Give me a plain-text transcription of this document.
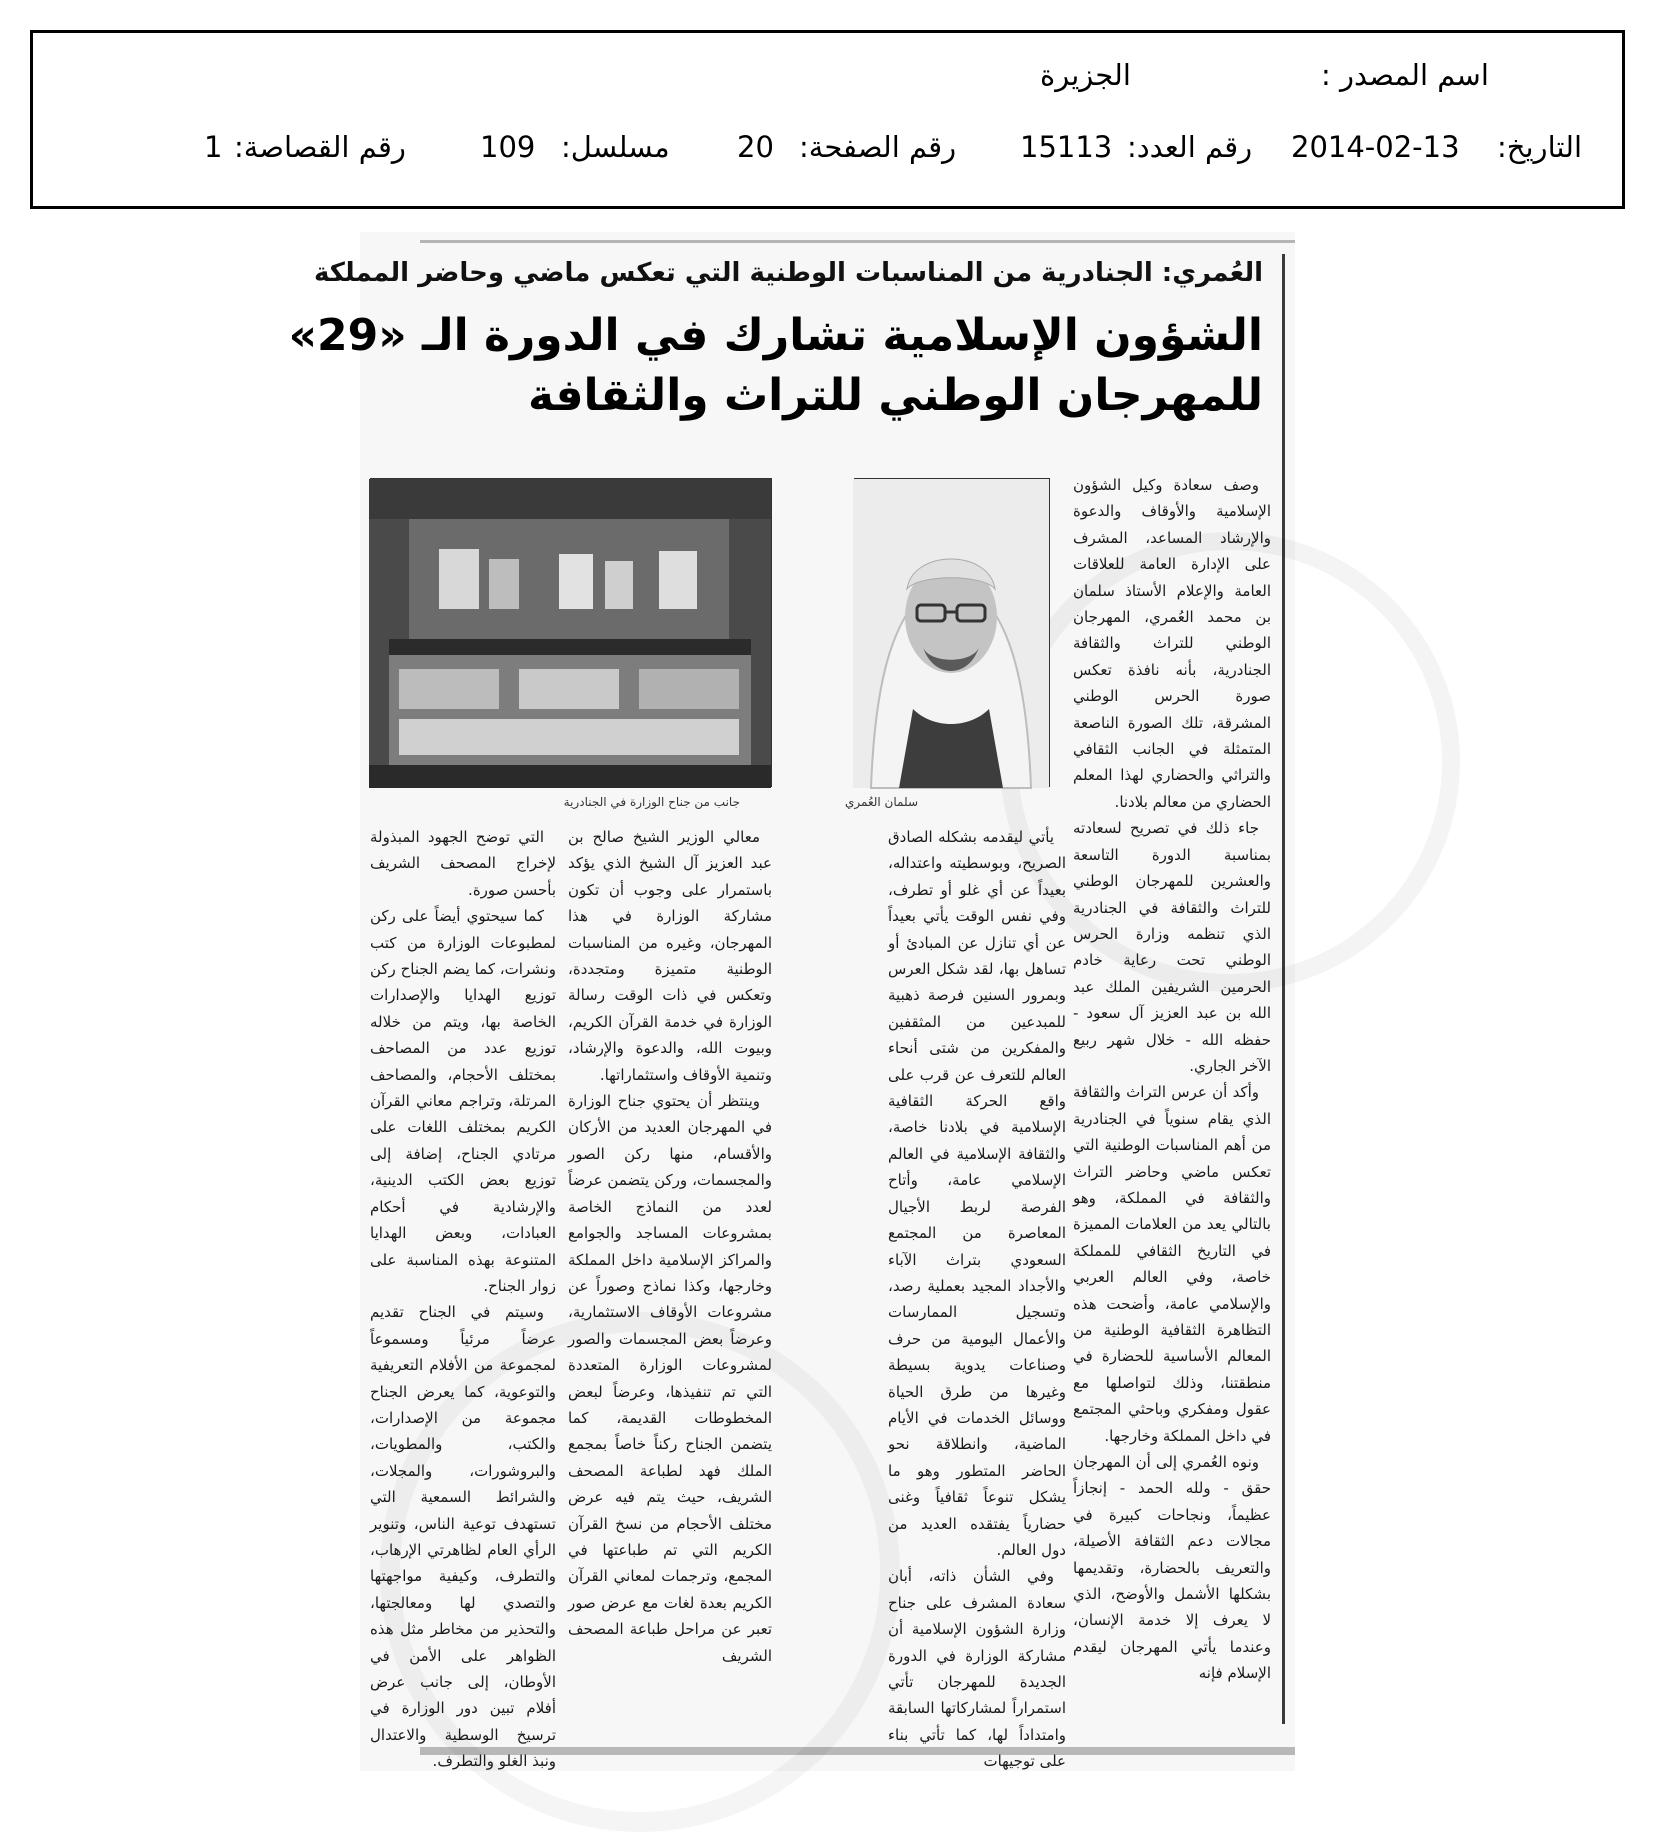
اسم المصدر :
الجزيرة
التاريخ:
2014-02-13
رقم العدد:
15113
رقم الصفحة:
20
مسلسل:
109
رقم القصاصة:
1
العُمري: الجنادرية من المناسبات الوطنية التي تعكس ماضي وحاضر المملكة
الشؤون الإسلامية تشارك في الدورة الـ «29»
للمهرجان الوطني للتراث والثقافة

وصف سعادة وكيل الشؤون الإسلامية والأوقاف والدعوة والإرشاد المساعد، المشرف على الإدارة العامة للعلاقات العامة والإعلام الأستاذ سلمان بن محمد العُمري، المهرجان الوطني للتراث والثقافة الجنادرية، بأنه نافذة تعكس صورة الحرس الوطني المشرقة، تلك الصورة الناصعة المتمثلة في الجانب الثقافي والتراثي والحضاري لهذا المعلم الحضاري من معالم بلادنا.

جاء ذلك في تصريح لسعادته بمناسبة الدورة التاسعة والعشرين للمهرجان الوطني للتراث والثقافة في الجنادرية الذي تنظمه وزارة الحرس الوطني تحت رعاية خادم الحرمين الشريفين الملك عبد الله بن عبد العزيز آل سعود - حفظه الله - خلال شهر ربيع الآخر الجاري.

وأكد أن عرس التراث والثقافة الذي يقام سنوياً في الجنادرية من أهم المناسبات الوطنية التي تعكس ماضي وحاضر التراث والثقافة في المملكة، وهو بالتالي يعد من العلامات المميزة في التاريخ الثقافي للمملكة خاصة، وفي العالم العربي والإسلامي عامة، وأضحت هذه التظاهرة الثقافية الوطنية من المعالم الأساسية للحضارة في منطقتنا، وذلك لتواصلها مع عقول ومفكري وباحثي المجتمع في داخل المملكة وخارجها.

ونوه العُمري إلى أن المهرجان حقق - ولله الحمد - إنجازاً عظيماً، ونجاحات كبيرة في مجالات دعم الثقافة الأصيلة، والتعريف بالحضارة، وتقديمها بشكلها الأشمل والأوضح، الذي لا يعرف إلا خدمة الإنسان، وعندما يأتي المهرجان ليقدم الإسلام فإنه

سلمان العُمري
جانب من جناح الوزارة في الجنادرية

يأتي ليقدمه بشكله الصادق الصريح، وبوسطيته واعتداله، بعيداً عن أي غلو أو تطرف، وفي نفس الوقت يأتي بعيداً عن أي تنازل عن المبادئ أو تساهل بها، لقد شكل العرس وبمرور السنين فرصة ذهبية للمبدعين من المثقفين والمفكرين من شتى أنحاء العالم للتعرف عن قرب على واقع الحركة الثقافية الإسلامية في بلادنا خاصة، والثقافة الإسلامية في العالم الإسلامي عامة، وأتاح الفرصة لربط الأجيال المعاصرة من المجتمع السعودي بتراث الآباء والأجداد المجيد بعملية رصد، وتسجيل الممارسات والأعمال اليومية من حرف وصناعات يدوية بسيطة وغيرها من طرق الحياة ووسائل الخدمات في الأيام الماضية، وانطلاقة نحو الحاضر المتطور وهو ما يشكل تنوعاً ثقافياً وغنى حضارياً يفتقده العديد من دول العالم.

وفي الشأن ذاته، أبان سعادة المشرف على جناح وزارة الشؤون الإسلامية أن مشاركة الوزارة في الدورة الجديدة للمهرجان تأتي استمراراً لمشاركاتها السابقة وامتداداً لها، كما تأتي بناء على توجيهات

معالي الوزير الشيخ صالح بن عبد العزيز آل الشيخ الذي يؤكد باستمرار على وجوب أن تكون مشاركة الوزارة في هذا المهرجان، وغيره من المناسبات الوطنية متميزة ومتجددة، وتعكس في ذات الوقت رسالة الوزارة في خدمة القرآن الكريم، وبيوت الله، والدعوة والإرشاد، وتنمية الأوقاف واستثماراتها.

وينتظر أن يحتوي جناح الوزارة في المهرجان العديد من الأركان والأقسام، منها ركن الصور والمجسمات، وركن يتضمن عرضاً لعدد من النماذج الخاصة بمشروعات المساجد والجوامع والمراكز الإسلامية داخل المملكة وخارجها، وكذا نماذج وصوراً عن مشروعات الأوقاف الاستثمارية، وعرضاً بعض المجسمات والصور لمشروعات الوزارة المتعددة التي تم تنفيذها، وعرضاً لبعض المخطوطات القديمة، كما يتضمن الجناح ركناً خاصاً بمجمع الملك فهد لطباعة المصحف الشريف، حيث يتم فيه عرض مختلف الأحجام من نسخ القرآن الكريم التي تم طباعتها في المجمع، وترجمات لمعاني القرآن الكريم بعدة لغات مع عرض صور تعبر عن مراحل طباعة المصحف الشريف

التي توضح الجهود المبذولة لإخراج المصحف الشريف بأحسن صورة.

كما سيحتوي أيضاً على ركن لمطبوعات الوزارة من كتب ونشرات، كما يضم الجناح ركن توزيع الهدايا والإصدارات الخاصة بها، ويتم من خلاله توزيع عدد من المصاحف بمختلف الأحجام، والمصاحف المرتلة، وتراجم معاني القرآن الكريم بمختلف اللغات على مرتادي الجناح، إضافة إلى توزيع بعض الكتب الدينية، والإرشادية في أحكام العبادات، وبعض الهدايا المتنوعة بهذه المناسبة على زوار الجناح.

وسيتم في الجناح تقديم عرضاً مرئياً ومسموعاً لمجموعة من الأفلام التعريفية والتوعوية، كما يعرض الجناح مجموعة من الإصدارات، والكتب، والمطويات، والبروشورات، والمجلات، والشرائط السمعية التي تستهدف توعية الناس، وتنوير الرأي العام لظاهرتي الإرهاب، والتطرف، وكيفية مواجهتها والتصدي لها ومعالجتها، والتحذير من مخاطر مثل هذه الظواهر على الأمن في الأوطان، إلى جانب عرض أفلام تبين دور الوزارة في ترسيخ الوسطية والاعتدال ونبذ الغلو والتطرف.
